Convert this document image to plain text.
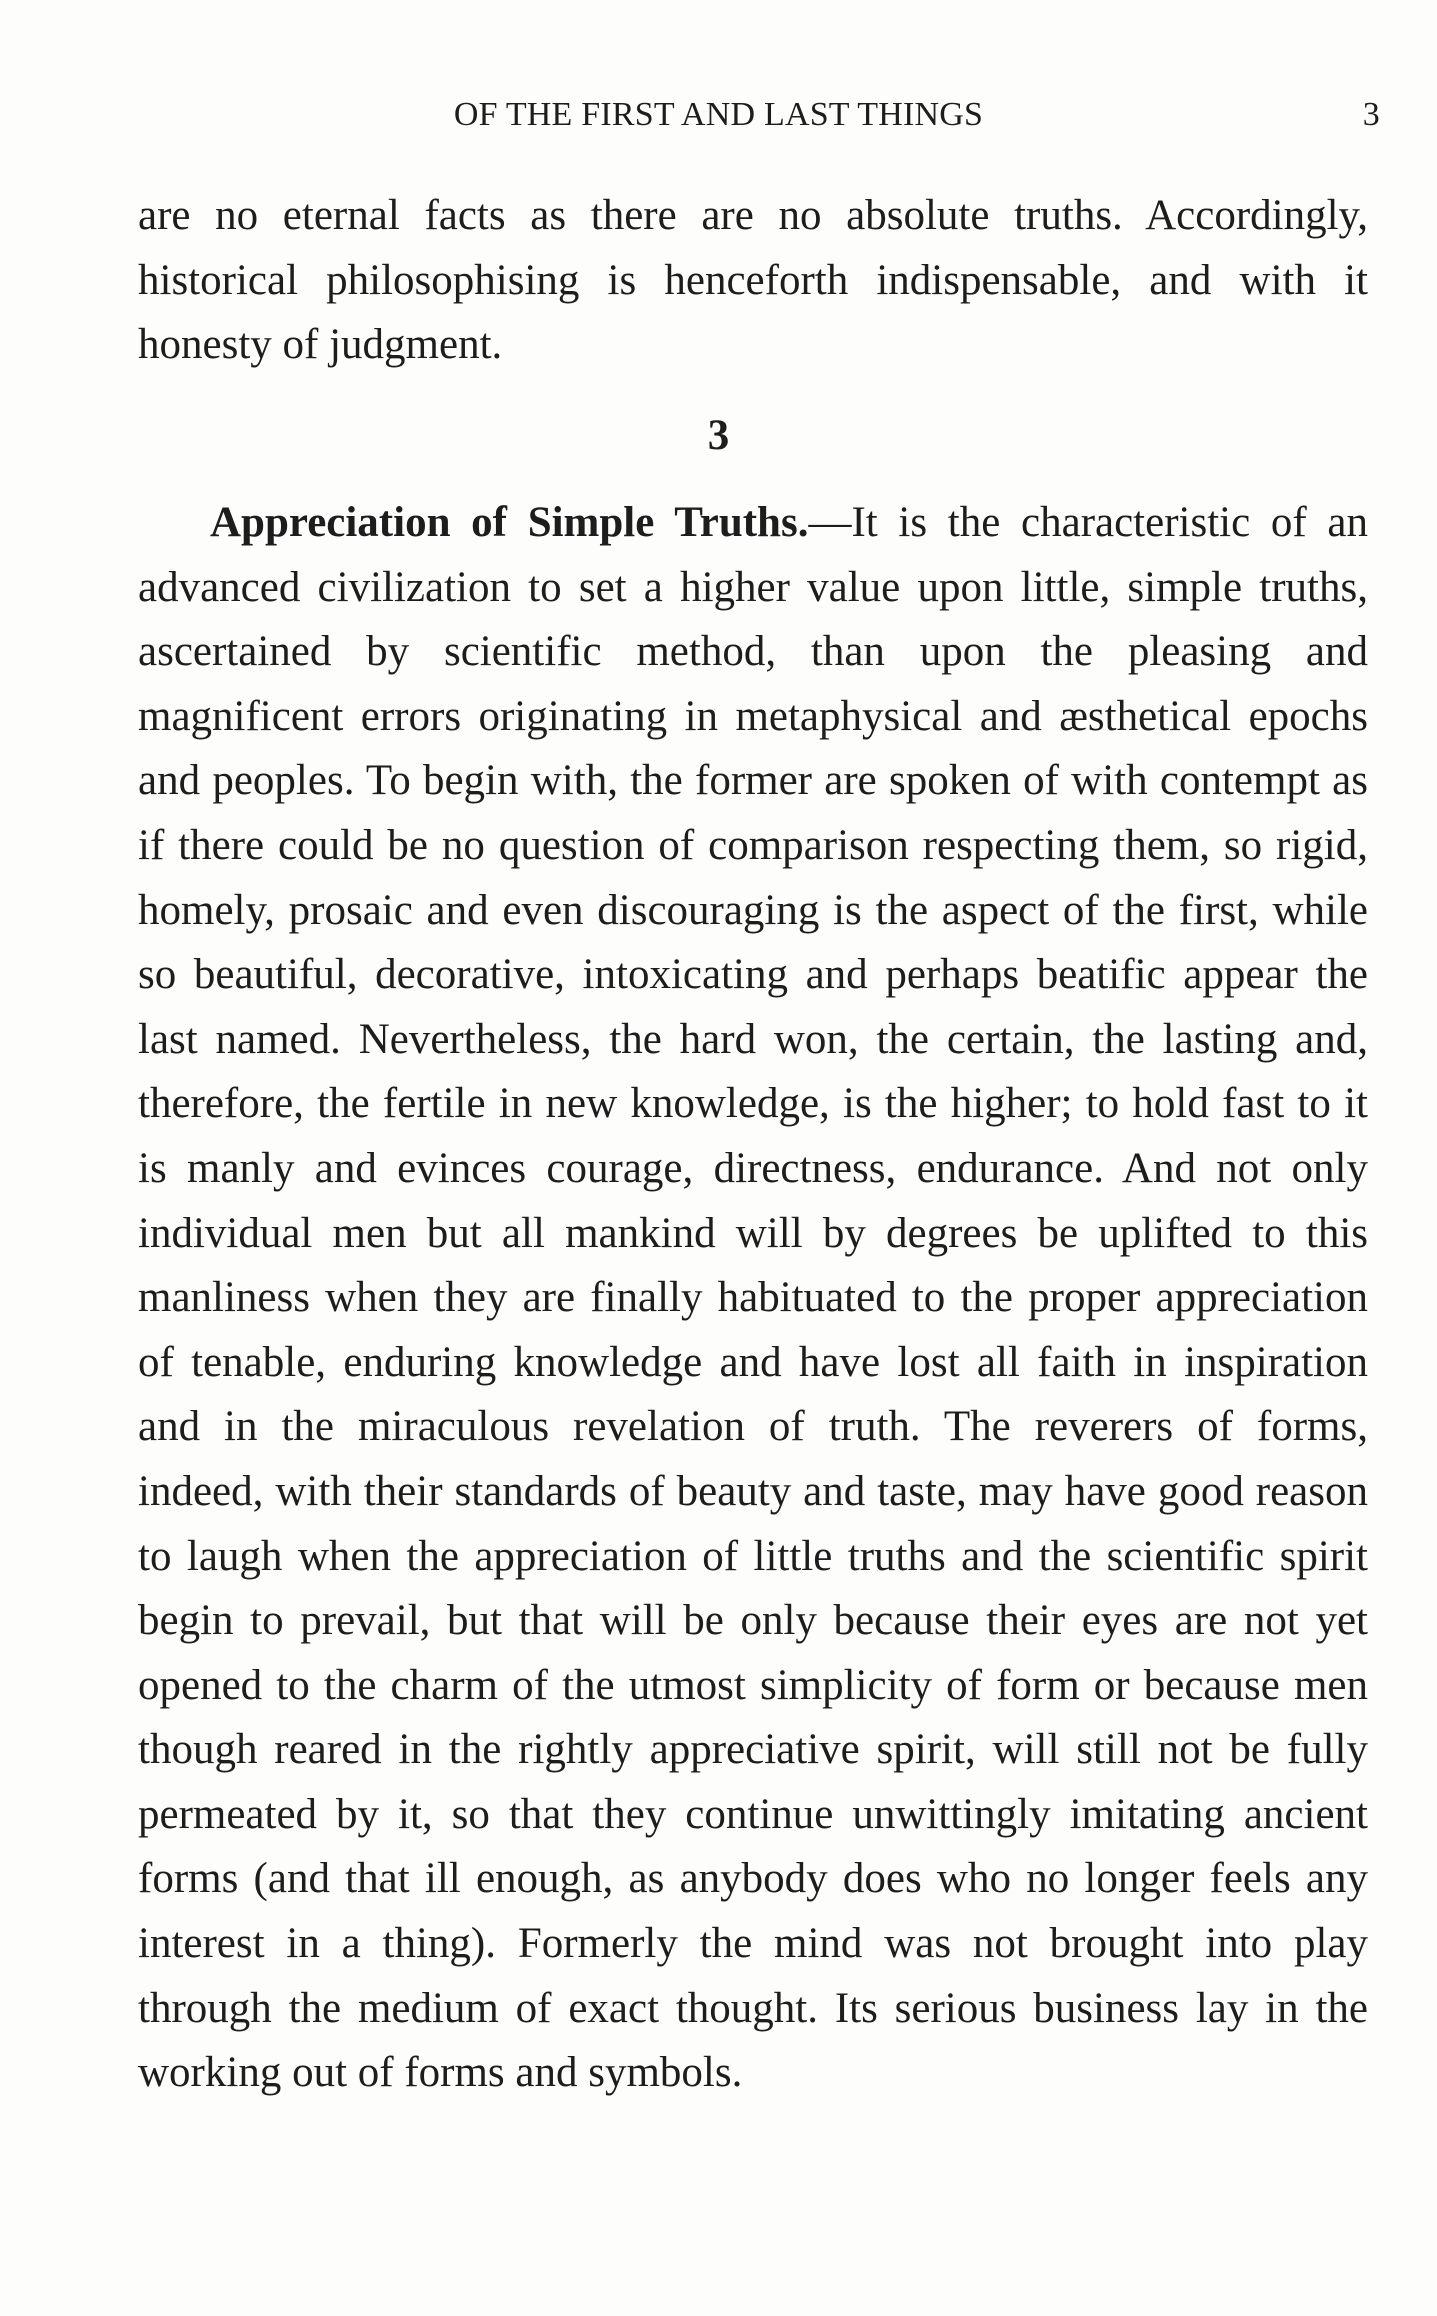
OF THE FIRST AND LAST THINGS	3

are no eternal facts as there are no absolute truths. Accordingly, historical philosophising is henceforth indispensable, and with it honesty of judgment.

3

Appreciation of Simple Truths.—It is the characteristic of an advanced civilization to set a higher value upon little, simple truths, ascertained by scientific method, than upon the pleasing and magnificent errors originating in metaphysical and æsthetical epochs and peoples. To begin with, the former are spoken of with contempt as if there could be no question of comparison respecting them, so rigid, homely, prosaic and even discouraging is the aspect of the first, while so beautiful, decorative, intoxicating and perhaps beatific appear the last named. Nevertheless, the hard won, the certain, the lasting and, therefore, the fertile in new knowledge, is the higher; to hold fast to it is manly and evinces courage, directness, endurance. And not only individual men but all mankind will by degrees be uplifted to this manliness when they are finally habituated to the proper appreciation of tenable, enduring knowledge and have lost all faith in inspiration and in the miraculous revelation of truth. The reverers of forms, indeed, with their standards of beauty and taste, may have good reason to laugh when the appreciation of little truths and the scientific spirit begin to prevail, but that will be only because their eyes are not yet opened to the charm of the utmost simplicity of form or because men though reared in the rightly appreciative spirit, will still not be fully permeated by it, so that they continue unwittingly imitating ancient forms (and that ill enough, as anybody does who no longer feels any interest in a thing). Formerly the mind was not brought into play through the medium of exact thought. Its serious business lay in the working out of forms and symbols.
